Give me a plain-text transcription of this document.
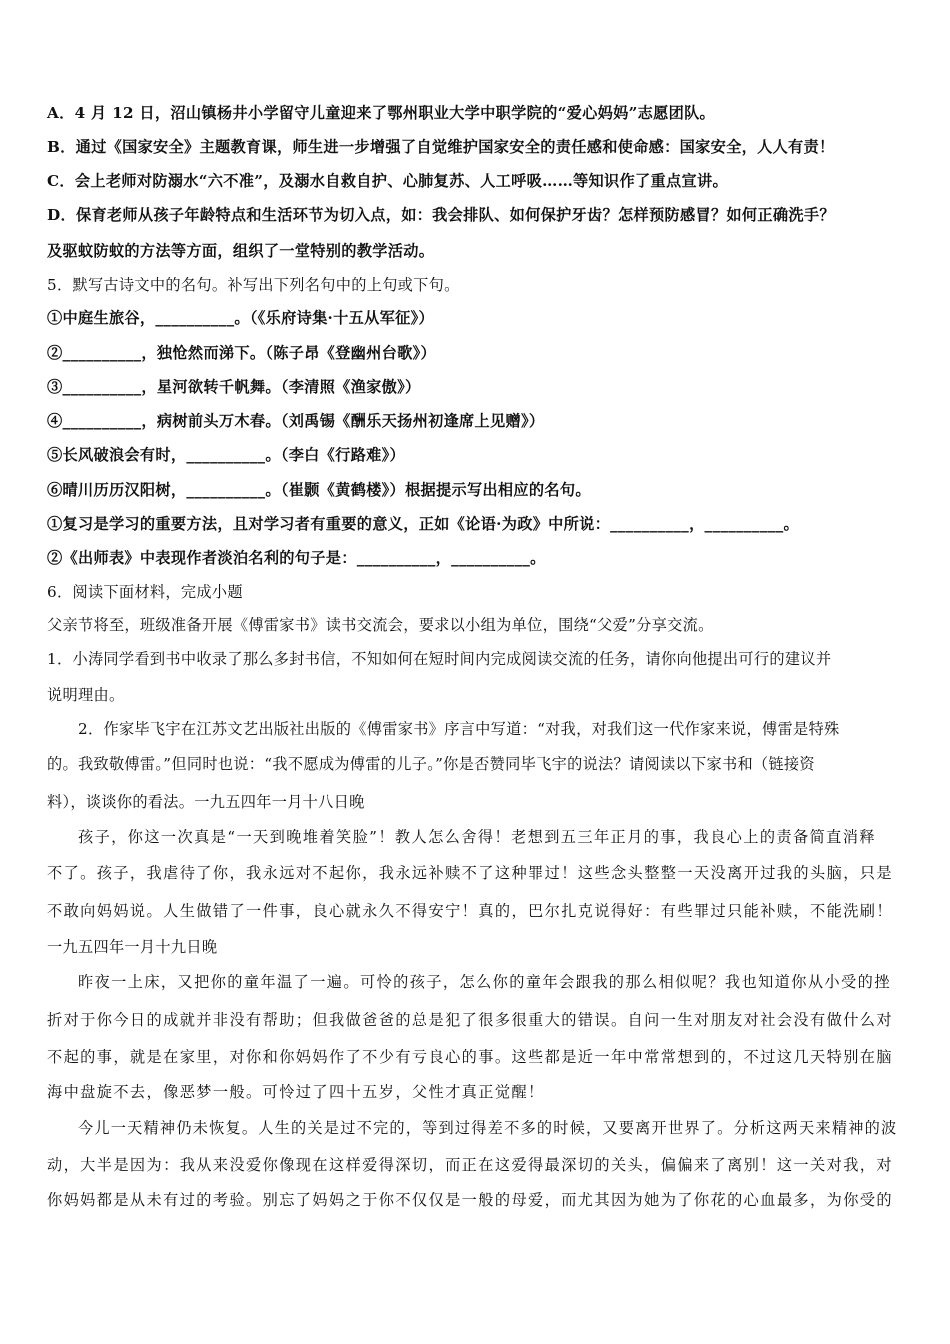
A．4 月 12 日，沼山镇杨井小学留守儿童迎来了鄂州职业大学中职学院的“爱心妈妈”志愿团队。
B．通过《国家安全》主题教育课，师生进一步增强了自觉维护国家安全的责任感和使命感：国家安全，人人有责！
C．会上老师对防溺水“六不准”，及溺水自救自护、心肺复苏、人工呼吸……等知识作了重点宣讲。
D．保育老师从孩子年龄特点和生活环节为切入点，如：我会排队、如何保护牙齿？怎样预防感冒？如何正确洗手？
及驱蚊防蚊的方法等方面，组织了一堂特别的教学活动。
5．默写古诗文中的名句。补写出下列名句中的上句或下句。
①中庭生旅谷，__________。（《乐府诗集·十五从军征》）
②__________，独怆然而涕下。（陈子昂《登幽州台歌》）
③__________，星河欲转千帆舞。（李清照《渔家傲》）
④__________，病树前头万木春。（刘禹锡《酬乐天扬州初逢席上见赠》）
⑤长风破浪会有时，__________。（李白《行路难》）
⑥晴川历历汉阳树，__________。（崔颢《黄鹤楼》）根据提示写出相应的名句。
①复习是学习的重要方法，且对学习者有重要的意义，正如《论语·为政》中所说：__________，__________。
②《出师表》中表现作者淡泊名利的句子是：__________，__________。
6．阅读下面材料，完成小题
父亲节将至，班级准备开展《傅雷家书》读书交流会，要求以小组为单位，围绕“父爱”分享交流。
1．小涛同学看到书中收录了那么多封书信，不知如何在短时间内完成阅读交流的任务，请你向他提出可行的建议并
说明理由。
2．作家毕飞宇在江苏文艺出版社出版的《傅雷家书》序言中写道：“对我，对我们这一代作家来说，傅雷是特殊
的。我致敬傅雷。”但同时也说：“我不愿成为傅雷的儿子。”你是否赞同毕飞宇的说法？请阅读以下家书和（链接资
料），谈谈你的看法。一九五四年一月十八日晚
孩子，你这一次真是“一天到晚堆着笑脸”！教人怎么舍得！老想到五三年正月的事，我良心上的责备简直消释
不了。孩子，我虐待了你，我永远对不起你，我永远补赎不了这种罪过！这些念头整整一天没离开过我的头脑，只是
不敢向妈妈说。人生做错了一件事，良心就永久不得安宁！真的，巴尔扎克说得好：有些罪过只能补赎，不能洗刷！
一九五四年一月十九日晚
昨夜一上床，又把你的童年温了一遍。可怜的孩子，怎么你的童年会跟我的那么相似呢？我也知道你从小受的挫
折对于你今日的成就并非没有帮助；但我做爸爸的总是犯了很多很重大的错误。自问一生对朋友对社会没有做什么对
不起的事，就是在家里，对你和你妈妈作了不少有亏良心的事。这些都是近一年中常常想到的，不过这几天特别在脑
海中盘旋不去，像恶梦一般。可怜过了四十五岁，父性才真正觉醒！
今儿一天精神仍未恢复。人生的关是过不完的，等到过得差不多的时候，又要离开世界了。分析这两天来精神的波
动，大半是因为：我从来没爱你像现在这样爱得深切，而正在这爱得最深切的关头，偏偏来了离别！这一关对我，对
你妈妈都是从未有过的考验。别忘了妈妈之于你不仅仅是一般的母爱，而尤其因为她为了你花的心血最多，为你受的
